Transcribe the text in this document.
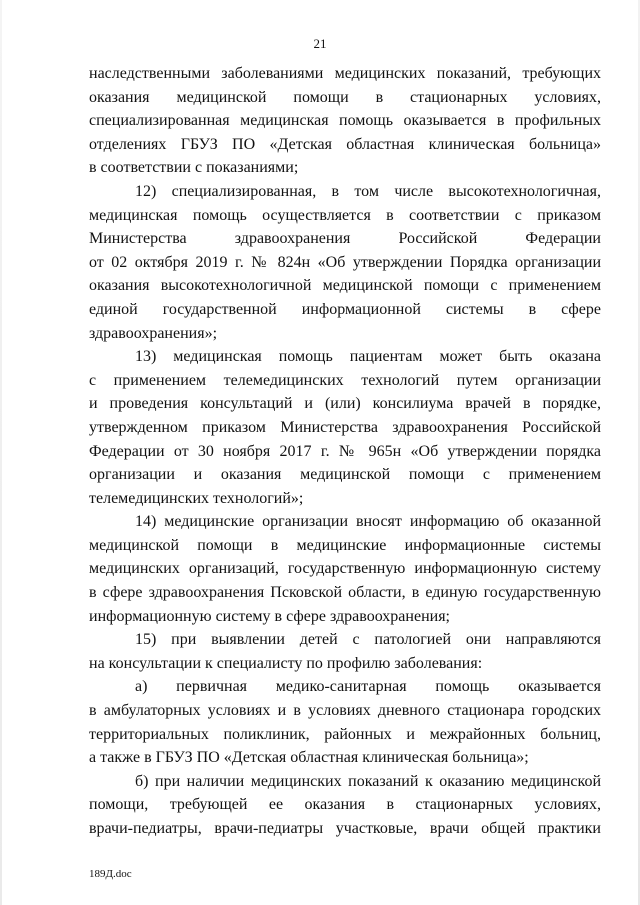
21

наследственными заболеваниями медицинских показаний, требующих
оказания медицинской помощи в стационарных условиях,
специализированная медицинская помощь оказывается в профильных
отделениях ГБУЗ ПО «Детская областная клиническая больница»
в соответствии с показаниями;

12) специализированная, в том числе высокотехнологичная,
медицинская помощь осуществляется в соответствии с приказом
Министерства здравоохранения Российской Федерации
от 02 октября 2019 г. № 824н «Об утверждении Порядка организации
оказания высокотехнологичной медицинской помощи с применением
единой государственной информационной системы в сфере
здравоохранения»;

13) медицинская помощь пациентам может быть оказана
с применением телемедицинских технологий путем организации
и проведения консультаций и (или) консилиума врачей в порядке,
утвержденном приказом Министерства здравоохранения Российской
Федерации от 30 ноября 2017 г. № 965н «Об утверждении порядка
организации и оказания медицинской помощи с применением
телемедицинских технологий»;

14) медицинские организации вносят информацию об оказанной
медицинской помощи в медицинские информационные системы
медицинских организаций, государственную информационную систему
в сфере здравоохранения Псковской области, в единую государственную
информационную систему в сфере здравоохранения;

15) при выявлении детей с патологией они направляются
на консультации к специалисту по профилю заболевания:

а) первичная медико-санитарная помощь оказывается
в амбулаторных условиях и в условиях дневного стационара городских
территориальных поликлиник, районных и межрайонных больниц,
а также в ГБУЗ ПО «Детская областная клиническая больница»;

б) при наличии медицинских показаний к оказанию медицинской
помощи, требующей ее оказания в стационарных условиях,
врачи-педиатры, врачи-педиатры участковые, врачи общей практики

189Д.doc
